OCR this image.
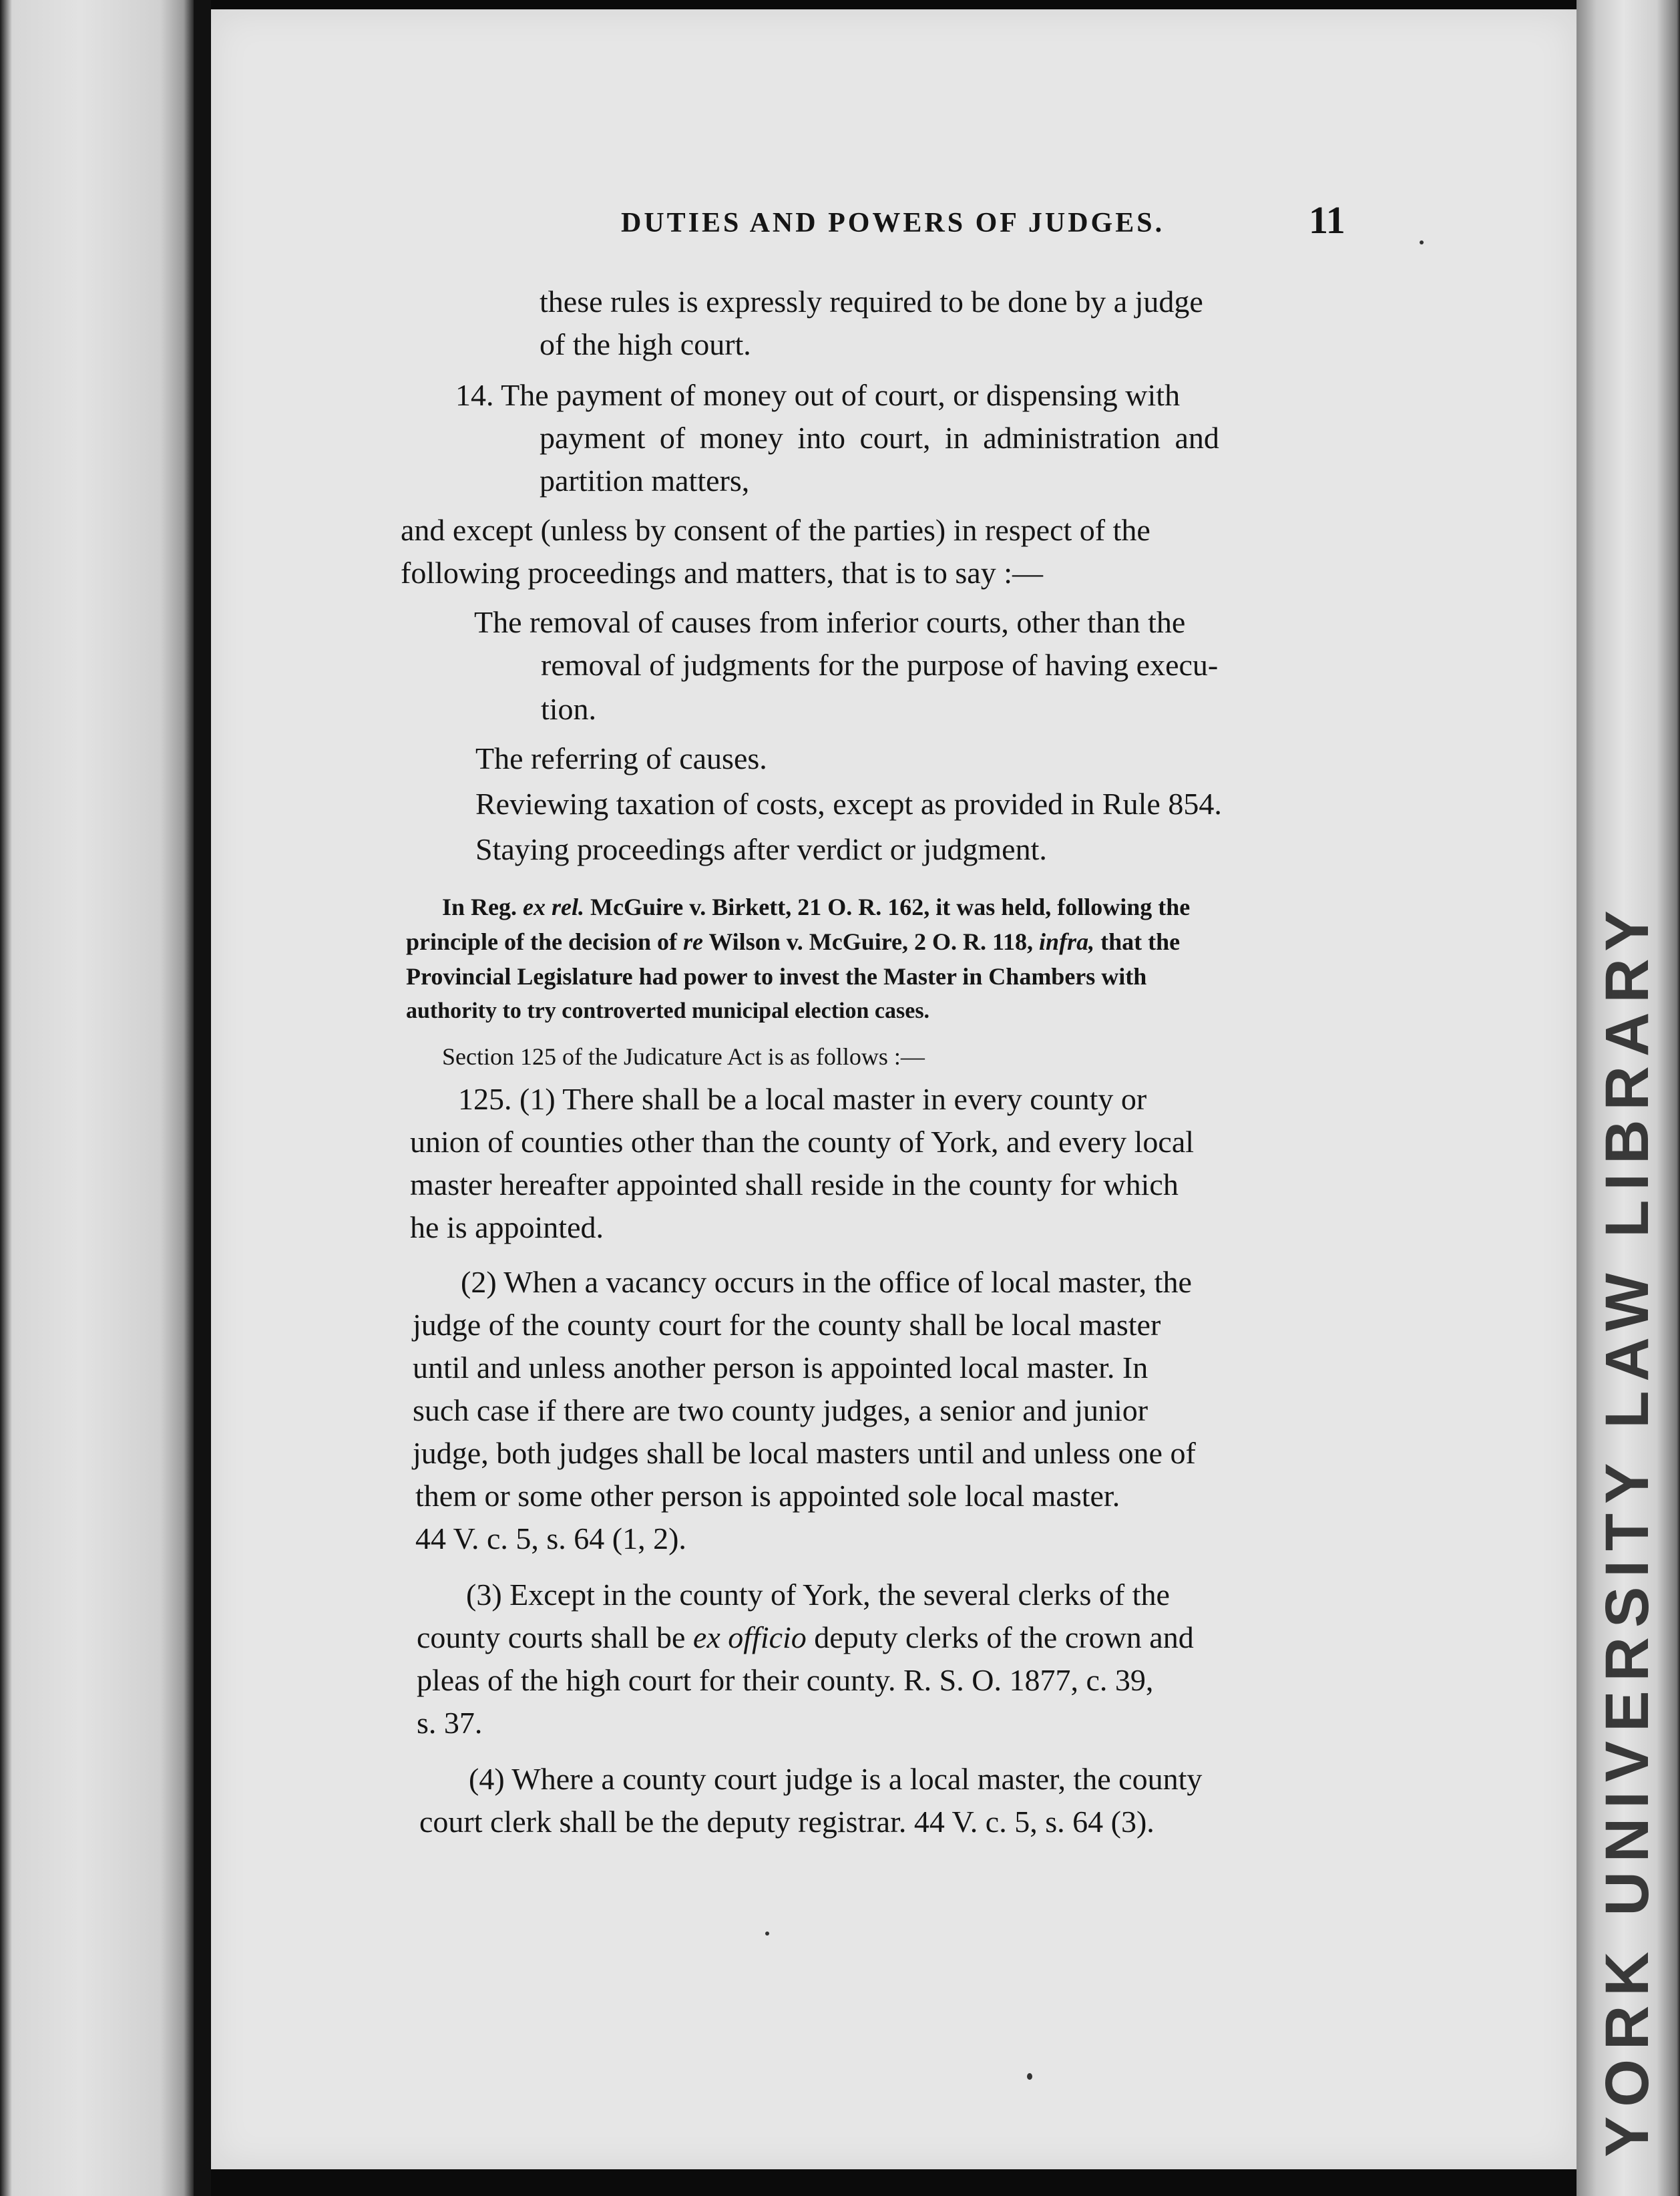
YORK UNIVERSITY LAW LIBRARY
DUTIES AND POWERS OF JUDGES.	11
these rules is expressly required to be done by a judge
of the high court.
14. The payment of money out of court, or dispensing with
payment of money into court, in administration and
partition matters,
and except (unless by consent of the parties) in respect of the
following proceedings and matters, that is to say :—
The removal of causes from inferior courts, other than the
removal of judgments for the purpose of having execu-
tion.
The referring of causes.
Reviewing taxation of costs, except as provided in Rule 854.
Staying proceedings after verdict or judgment.
In Reg. ex rel. McGuire v. Birkett, 21 O. R. 162, it was held, following the
principle of the decision of re Wilson v. McGuire, 2 O. R. 118, infra, that the
Provincial Legislature had power to invest the Master in Chambers with
authority to try controverted municipal election cases.
Section 125 of the Judicature Act is as follows :—
125. (1) There shall be a local master in every county or
union of counties other than the county of York, and every local
master hereafter appointed shall reside in the county for which
he is appointed.
(2) When a vacancy occurs in the office of local master, the
judge of the county court for the county shall be local master
until and unless another person is appointed local master. In
such case if there are two county judges, a senior and junior
judge, both judges shall be local masters until and unless one of
them or some other person is appointed sole local master.
44 V. c. 5, s. 64 (1, 2).
(3) Except in the county of York, the several clerks of the
county courts shall be ex officio deputy clerks of the crown and
pleas of the high court for their county. R. S. O. 1877, c. 39,
s. 37.
(4) Where a county court judge is a local master, the county
court clerk shall be the deputy registrar. 44 V. c. 5, s. 64 (3).
